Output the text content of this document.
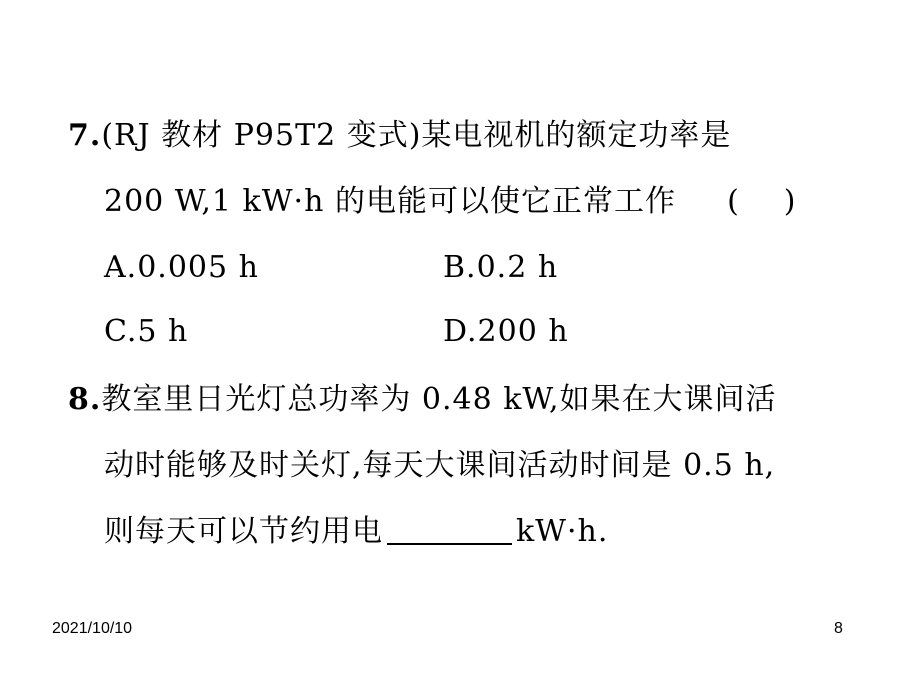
7.(RJ 教材 P95T2 变式)某电视机的额定功率是
200 W,1 kW·h 的电能可以使它正常工作 ( )
A.0.005 h	B.0.2 h
C.5 h	D.200 h
8.教室里日光灯总功率为 0.48 kW,如果在大课间活
动时能够及时关灯,每天大课间活动时间是 0.5 h,
则每天可以节约用电	kW·h.
2021/10/10	8
